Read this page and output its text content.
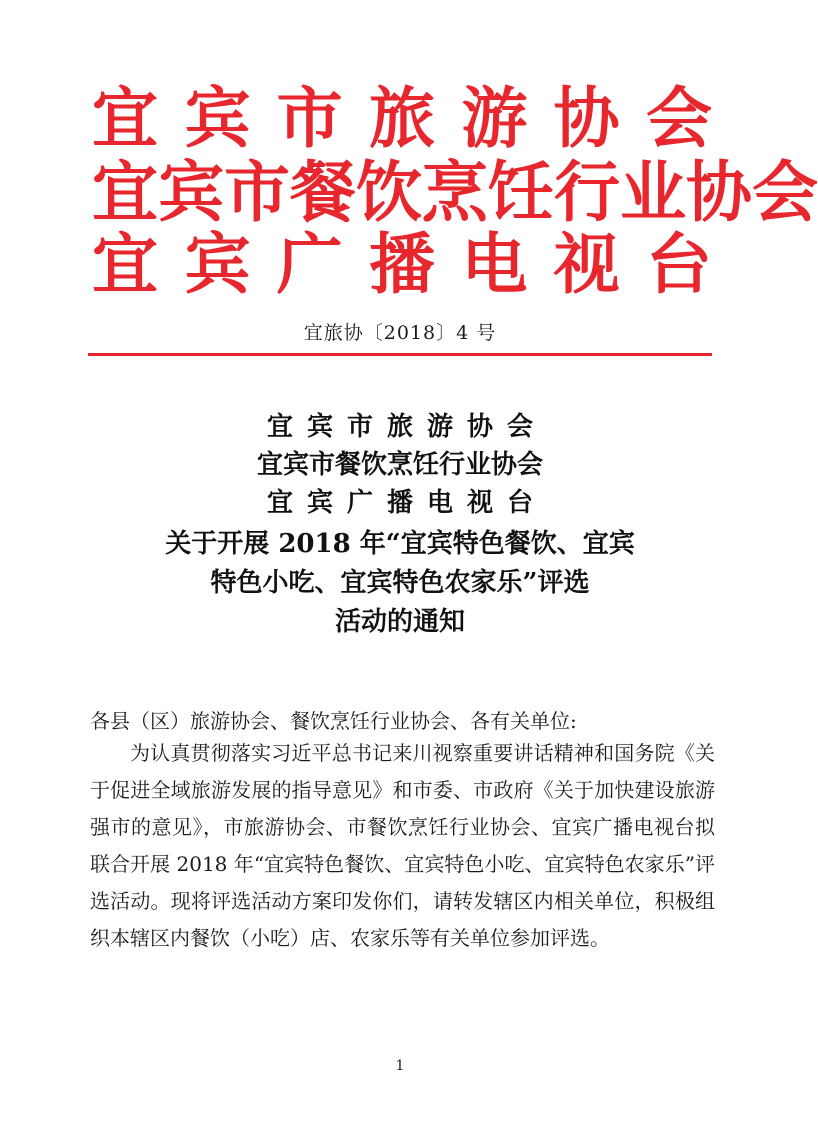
宜 宾 市 旅 游 协 会
宜 宾 市 餐 饮 烹 饪 行 业 协 会
宜 宾 广 播 电 视 台
宜旅协〔2018〕4 号
宜宾市旅游协会
宜宾市餐饮烹饪行业协会
宜宾广播电视台
关于开展 2018 年“宜宾特色餐饮、宜宾
特色小吃、宜宾特色农家乐”评选
活动的通知
各县（区）旅游协会、餐饮烹饪行业协会、各有关单位:

为认真贯彻落实习近平总书记来川视察重要讲话精神和国务院《关于促进全域旅游发展的指导意见》和市委、市政府《关于加快建设旅游强市的意见》，市旅游协会、市餐饮烹饪行业协会、宜宾广播电视台拟联合开展 2018 年“宜宾特色餐饮、宜宾特色小吃、宜宾特色农家乐”评选活动。现将评选活动方案印发你们，请转发辖区内相关单位，积极组织本辖区内餐饮（小吃）店、农家乐等有关单位参加评选。

1
